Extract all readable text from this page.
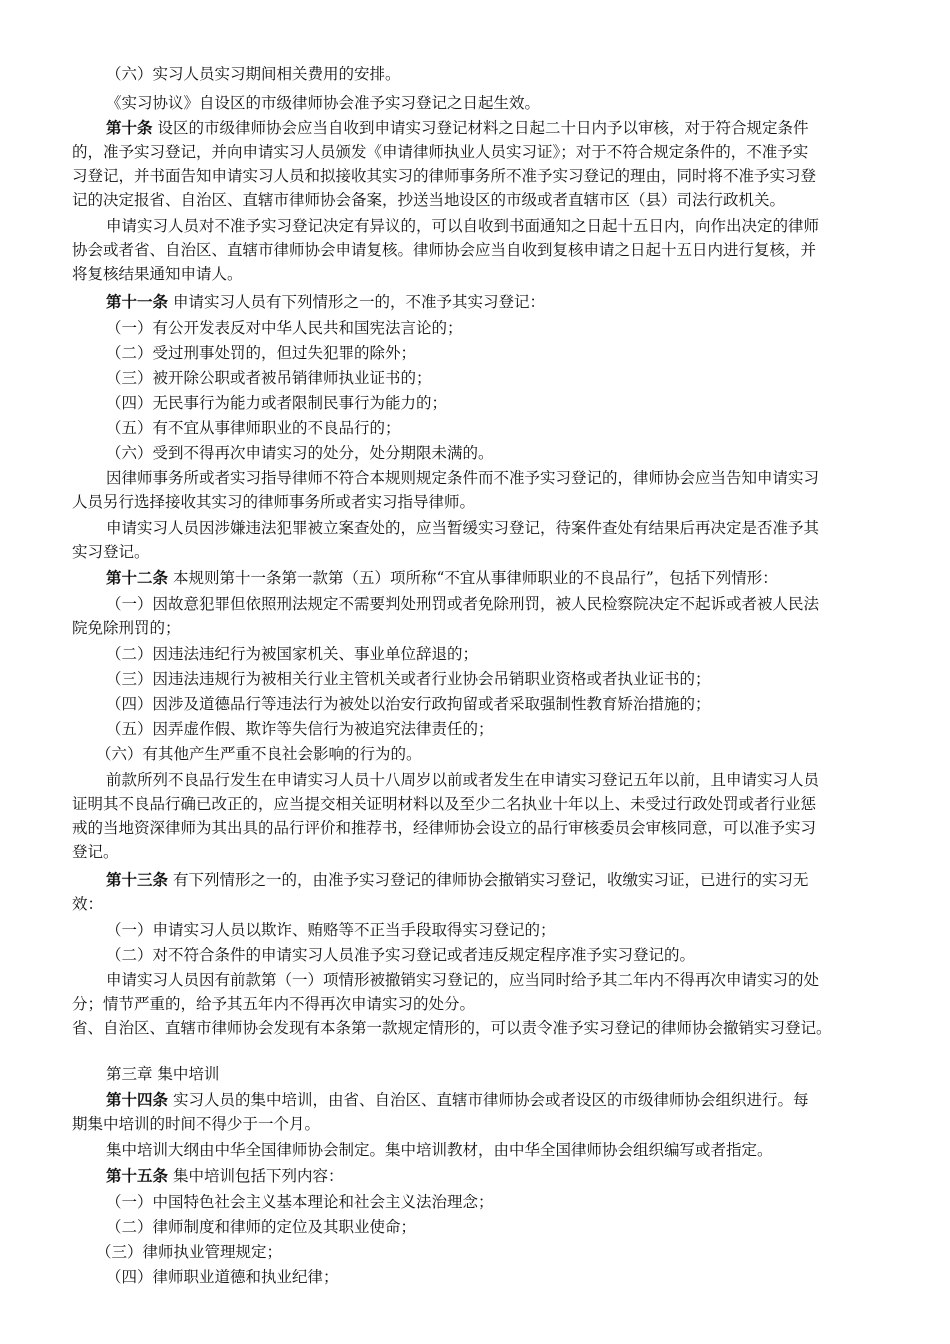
（六）实习人员实习期间相关费用的安排。
《实习协议》自设区的市级律师协会准予实习登记之日起生效。
第十条 设区的市级律师协会应当自收到申请实习登记材料之日起二十日内予以审核，对于符合规定条件
的，准予实习登记，并向申请实习人员颁发《申请律师执业人员实习证》；对于不符合规定条件的，不准予实
习登记，并书面告知申请实习人员和拟接收其实习的律师事务所不准予实习登记的理由，同时将不准予实习登
记的决定报省、自治区、直辖市律师协会备案，抄送当地设区的市级或者直辖市区（县）司法行政机关。
申请实习人员对不准予实习登记决定有异议的，可以自收到书面通知之日起十五日内，向作出决定的律师
协会或者省、自治区、直辖市律师协会申请复核。律师协会应当自收到复核申请之日起十五日内进行复核，并
将复核结果通知申请人。
第十一条 申请实习人员有下列情形之一的，不准予其实习登记：
（一）有公开发表反对中华人民共和国宪法言论的；
（二）受过刑事处罚的，但过失犯罪的除外；
（三）被开除公职或者被吊销律师执业证书的；
（四）无民事行为能力或者限制民事行为能力的；
（五）有不宜从事律师职业的不良品行的；
（六）受到不得再次申请实习的处分，处分期限未满的。
因律师事务所或者实习指导律师不符合本规则规定条件而不准予实习登记的，律师协会应当告知申请实习
人员另行选择接收其实习的律师事务所或者实习指导律师。
申请实习人员因涉嫌违法犯罪被立案查处的，应当暂缓实习登记，待案件查处有结果后再决定是否准予其
实习登记。
第十二条 本规则第十一条第一款第（五）项所称“不宜从事律师职业的不良品行”，包括下列情形：
（一）因故意犯罪但依照刑法规定不需要判处刑罚或者免除刑罚，被人民检察院决定不起诉或者被人民法
院免除刑罚的；
（二）因违法违纪行为被国家机关、事业单位辞退的；
（三）因违法违规行为被相关行业主管机关或者行业协会吊销职业资格或者执业证书的；
（四）因涉及道德品行等违法行为被处以治安行政拘留或者采取强制性教育矫治措施的；
（五）因弄虚作假、欺诈等失信行为被追究法律责任的；
（六）有其他产生严重不良社会影响的行为的。
前款所列不良品行发生在申请实习人员十八周岁以前或者发生在申请实习登记五年以前，且申请实习人员
证明其不良品行确已改正的，应当提交相关证明材料以及至少二名执业十年以上、未受过行政处罚或者行业惩
戒的当地资深律师为其出具的品行评价和推荐书，经律师协会设立的品行审核委员会审核同意，可以准予实习
登记。
第十三条 有下列情形之一的，由准予实习登记的律师协会撤销实习登记，收缴实习证，已进行的实习无
效：
（一）申请实习人员以欺诈、贿赂等不正当手段取得实习登记的；
（二）对不符合条件的申请实习人员准予实习登记或者违反规定程序准予实习登记的。
申请实习人员因有前款第（一）项情形被撤销实习登记的，应当同时给予其二年内不得再次申请实习的处
分；情节严重的，给予其五年内不得再次申请实习的处分。
省、自治区、直辖市律师协会发现有本条第一款规定情形的，可以责令准予实习登记的律师协会撤销实习登记。
第三章 集中培训
第十四条 实习人员的集中培训，由省、自治区、直辖市律师协会或者设区的市级律师协会组织进行。每
期集中培训的时间不得少于一个月。
集中培训大纲由中华全国律师协会制定。集中培训教材，由中华全国律师协会组织编写或者指定。
第十五条 集中培训包括下列内容：
（一）中国特色社会主义基本理论和社会主义法治理念；
（二）律师制度和律师的定位及其职业使命；
（三）律师执业管理规定；
（四）律师职业道德和执业纪律；
